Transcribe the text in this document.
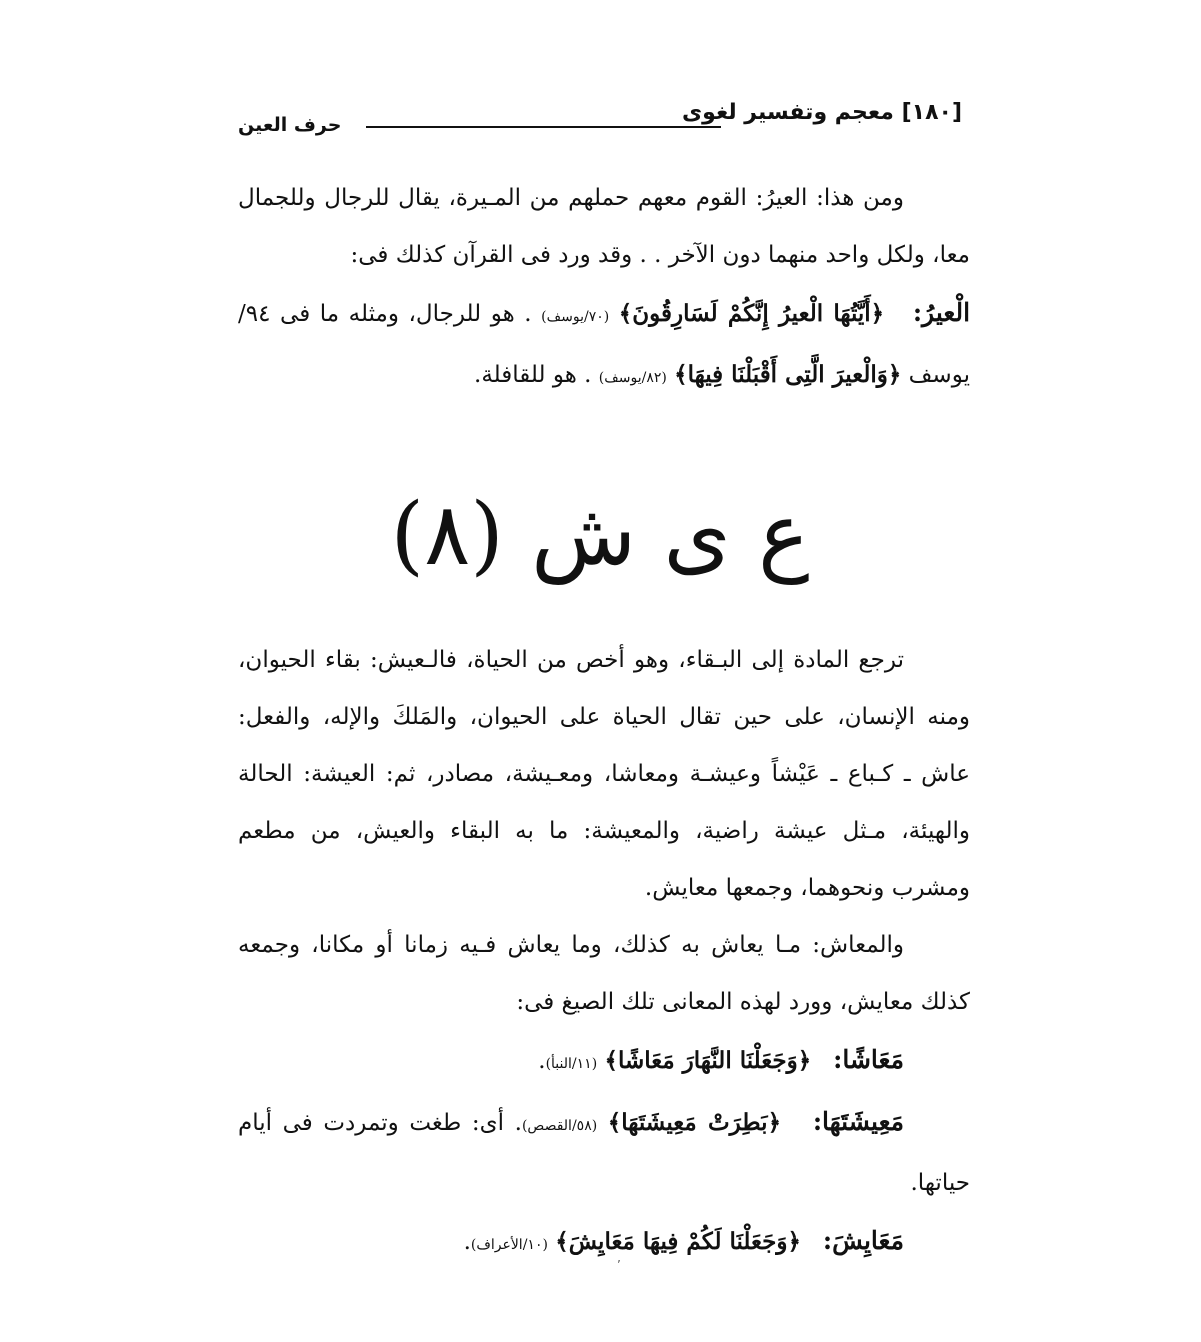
[١٨٠] معجم وتفسير لغوى
حرف العين

ومن هذا: العيرُ: القوم معهم حملهم من المـيرة، يقال للرجال وللجمال معا، ولكل واحد منهما دون الآخر . . وقد ورد فى القرآن كذلك فى:

الْعيرُ:   ﴿أَيَّتُهَا الْعيرُ إِنَّكُمْ لَسَارِقُونَ﴾ (٧٠/يوسف) . هو للرجال، ومثله ما فى ٩٤/ يوسف ﴿وَالْعيرَ الَّتِى أَقْبَلْنَا فِيهَا﴾ (٨٢/يوسف) . هو للقافلة.

ع ى ش (٨)

ترجع المادة إلى البـقاء، وهو أخص من الحياة، فالـعيش: بقاء الحيوان، ومنه الإنسان، على حين تقال الحياة على الحيوان، والمَلكَ والإله، والفعل: عاش ـ كـباع ـ عَيْشاً وعيشـة ومعاشا، ومعـيشة، مصادر، ثم: العيشة: الحالة والهيئة، مـثل عيشة راضية، والمعيشة: ما به البقاء والعيش، من مطعم ومشرب ونحوهما، وجمعها معايش.

والمعاش: مـا يعاش به كذلك، وما يعاش فـيه زمانا أو مكانا، وجمعه كذلك معايش، وورد لهذه المعانى تلك الصيغ فى:

مَعَاشًا:   ﴿وَجَعَلْنَا النَّهَارَ مَعَاشًا﴾ (١١/النبأ).

مَعِيشَتَهَا:   ﴿بَطِرَتْ مَعِيشَتَهَا﴾ (٥٨/القصص). أى: طغت وتمردت فى أيام حياتها.

مَعَايِشَ:   ﴿وَجَعَلْنَا لَكُمْ فِيهَا مَعَايِشَ﴾ (١٠/الأعراف).

’
